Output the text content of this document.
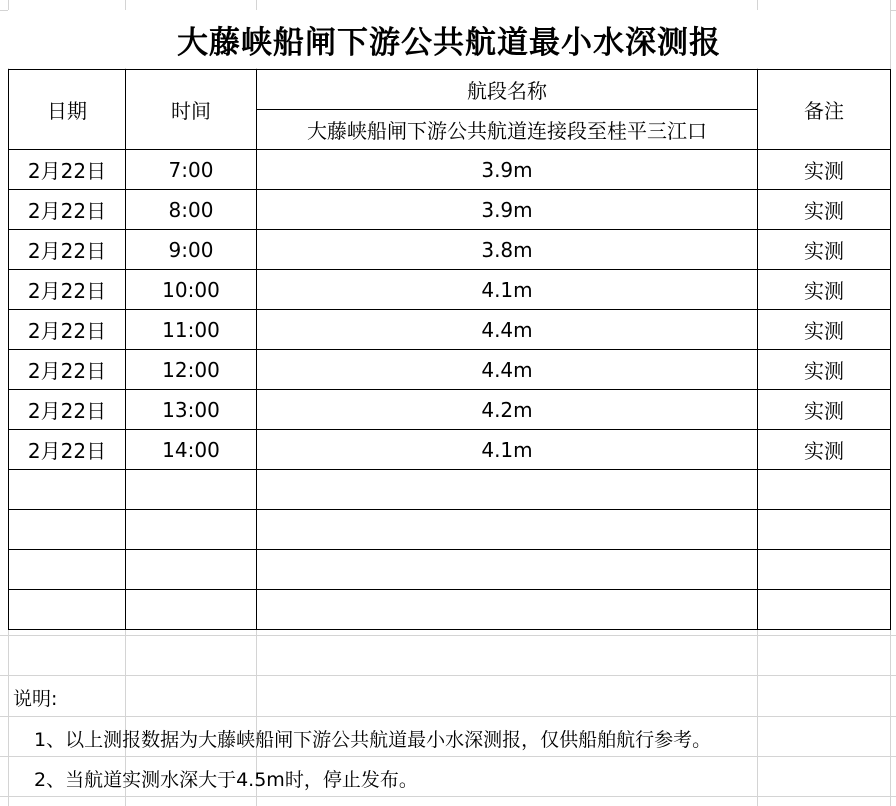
大藤峡船闸下游公共航道最小水深测报
日期	时间	航段名称	备注
		大藤峡船闸下游公共航道连接段至桂平三江口	
2月22日	7:00	3.9m	实测
2月22日	8:00	3.9m	实测
2月22日	9:00	3.8m	实测
2月22日	10:00	4.1m	实测
2月22日	11:00	4.4m	实测
2月22日	12:00	4.4m	实测
2月22日	13:00	4.2m	实测
2月22日	14:00	4.1m	实测

说明:
1、以上测报数据为大藤峡船闸下游公共航道最小水深测报，仅供船舶航行参考。
2、当航道实测水深大于4.5m时，停止发布。
